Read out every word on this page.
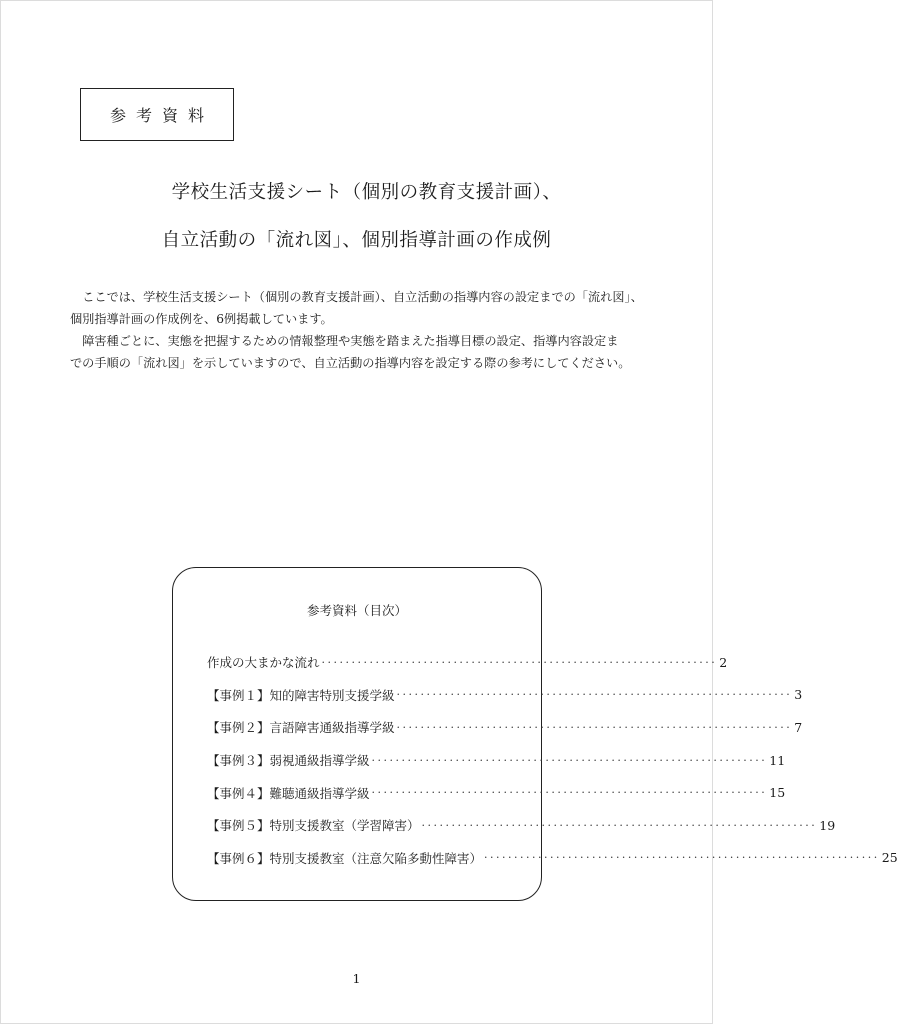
参考資料
学校生活支援シート（個別の教育支援計画）、
自立活動の「流れ図」、個別指導計画の作成例

ここでは、学校生活支援シート（個別の教育支援計画）、自立活動の指導内容の設定までの「流れ図」、

個別指導計画の作成例を、6例掲載しています。

障害種ごとに、実態を把握するための情報整理や実態を踏まえた指導目標の設定、指導内容設定ま

での手順の「流れ図」を示していますので、自立活動の指導内容を設定する際の参考にしてください。

参考資料（目次）
作成の大まかな流れ ·································································· 2
【事例１】知的障害特別支援学級 ·································································· 3
【事例２】言語障害通級指導学級 ·································································· 7
【事例３】弱視通級指導学級 ·································································· 11
【事例４】難聴通級指導学級 ·································································· 15
【事例５】特別支援教室（学習障害） ·································································· 19
【事例６】特別支援教室（注意欠陥多動性障害） ·································································· 25
1
